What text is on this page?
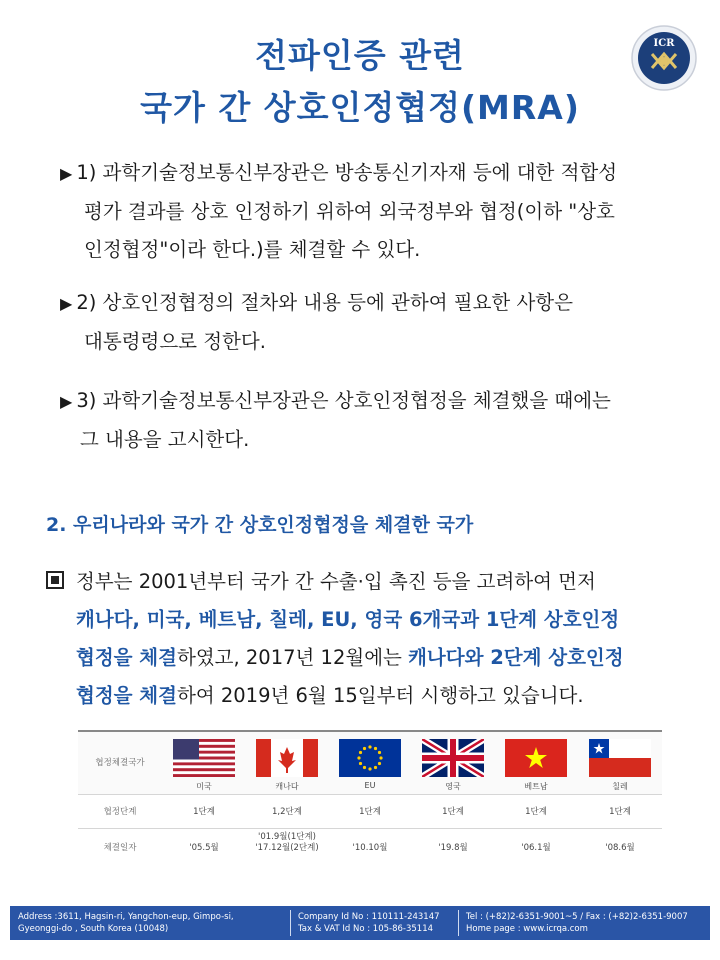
전파인증 관련
국가 간 상호인정협정(MRA)
ICR
▶ 1) 과학기술정보통신부장관은 방송통신기자재 등에 대한 적합성
평가 결과를 상호 인정하기 위하여 외국정부와 협정(이하 "상호
인정협정"이라 한다.)를 체결할 수 있다.
▶ 2) 상호인정협정의 절차와 내용 등에 관하여 필요한 사항은
대통령령으로 정한다.
▶ 3) 과학기술정보통신부장관은 상호인정협정을 체결했을 때에는
그 내용을 고시한다.
2. 우리나라와 국가 간 상호인정협정을 체결한 국가
정부는 2001년부터 국가 간 수출·입 촉진 등을 고려하여 먼저
캐나다, 미국, 베트남, 칠레, EU, 영국 6개국과 1단계 상호인정
협정을 체결하였고, 2017년 12월에는 캐나다와 2단계 상호인정
협정을 체결하여 2019년 6월 15일부터 시행하고 있습니다.
협정체결국가
미국	캐나다	EU	영국	베트남	칠레
협정단계	1단계	1,2단계	1단계	1단계	1단계	1단계
체결일자	'05.5월
'01.9월(1단계)
'17.12월(2단계)	'10.10월	'19.8월	'06.1월	'08.6월
Address :3611, Hagsin-ri, Yangchon-eup, Gimpo-si,
Gyeonggi-do , South Korea (10048)
Company Id No : 110111-243147
Tax & VAT Id No : 105-86-35114
Tel : (+82)2-6351-9001~5 / Fax : (+82)2-6351-9007
Home page : www.icrqa.com
